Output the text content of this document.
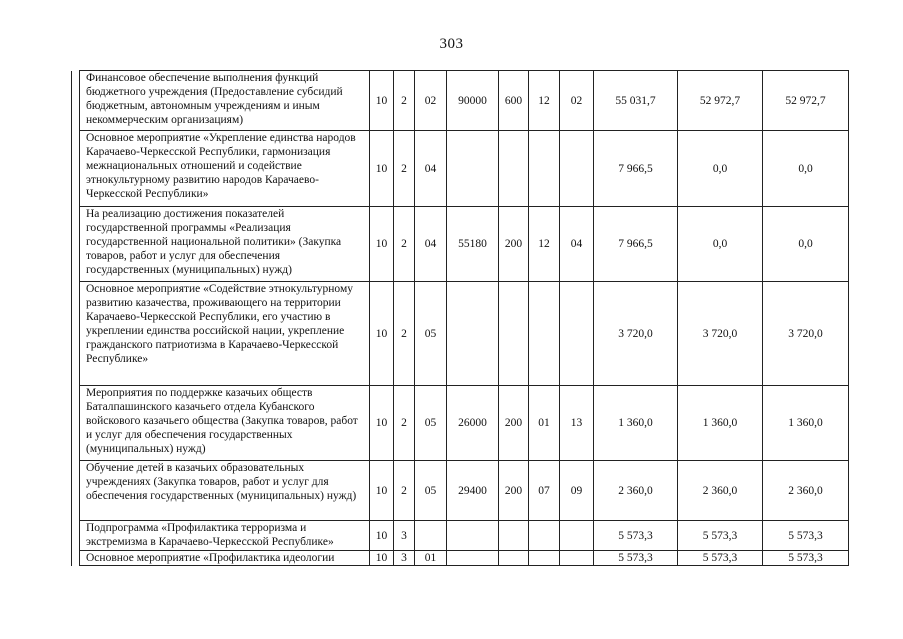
303
	Финансовое обеспечение выполнения функций бюджетного учреждения (Предоставление субсидий бюджетным, автономным учреждениям и иным некоммерческим организациям)	10	2	02	90000	600	12	02	55 031,7	52 972,7	52 972,7
	Основное мероприятие «Укрепление единства народов Карачаево-Черкесской Республики, гармонизация межнациональных отношений и содействие этнокультурному развитию народов Карачаево-Черкесской Республики»	10	2	04					7 966,5	0,0	0,0
	На реализацию достижения показателей государственной программы «Реализация государственной национальной политики» (Закупка товаров, работ и услуг для обеспечения государственных (муниципальных) нужд)	10	2	04	55180	200	12	04	7 966,5	0,0	0,0
	Основное мероприятие «Содействие этнокультурному развитию казачества, проживающего на территории Карачаево-Черкесской Республики, его участию в укреплении единства российской нации, укрепление гражданского патриотизма в Карачаево-Черкесской Республике»	10	2	05					3 720,0	3 720,0	3 720,0
	Мероприятия по поддержке казачьих обществ Баталпашинского казачьего отдела Кубанского войскового казачьего общества (Закупка товаров, работ и услуг для обеспечения государственных (муниципальных) нужд)	10	2	05	26000	200	01	13	1 360,0	1 360,0	1 360,0
	Обучение детей в казачьих образовательных учреждениях (Закупка товаров, работ и услуг для обеспечения государственных (муниципальных) нужд)	10	2	05	29400	200	07	09	2 360,0	2 360,0	2 360,0
	Подпрограмма «Профилактика терроризма и экстремизма в Карачаево-Черкесской Республике»	10	3						5 573,3	5 573,3	5 573,3
	Основное мероприятие «Профилактика идеологии	10	3	01					5 573,3	5 573,3	5 573,3
